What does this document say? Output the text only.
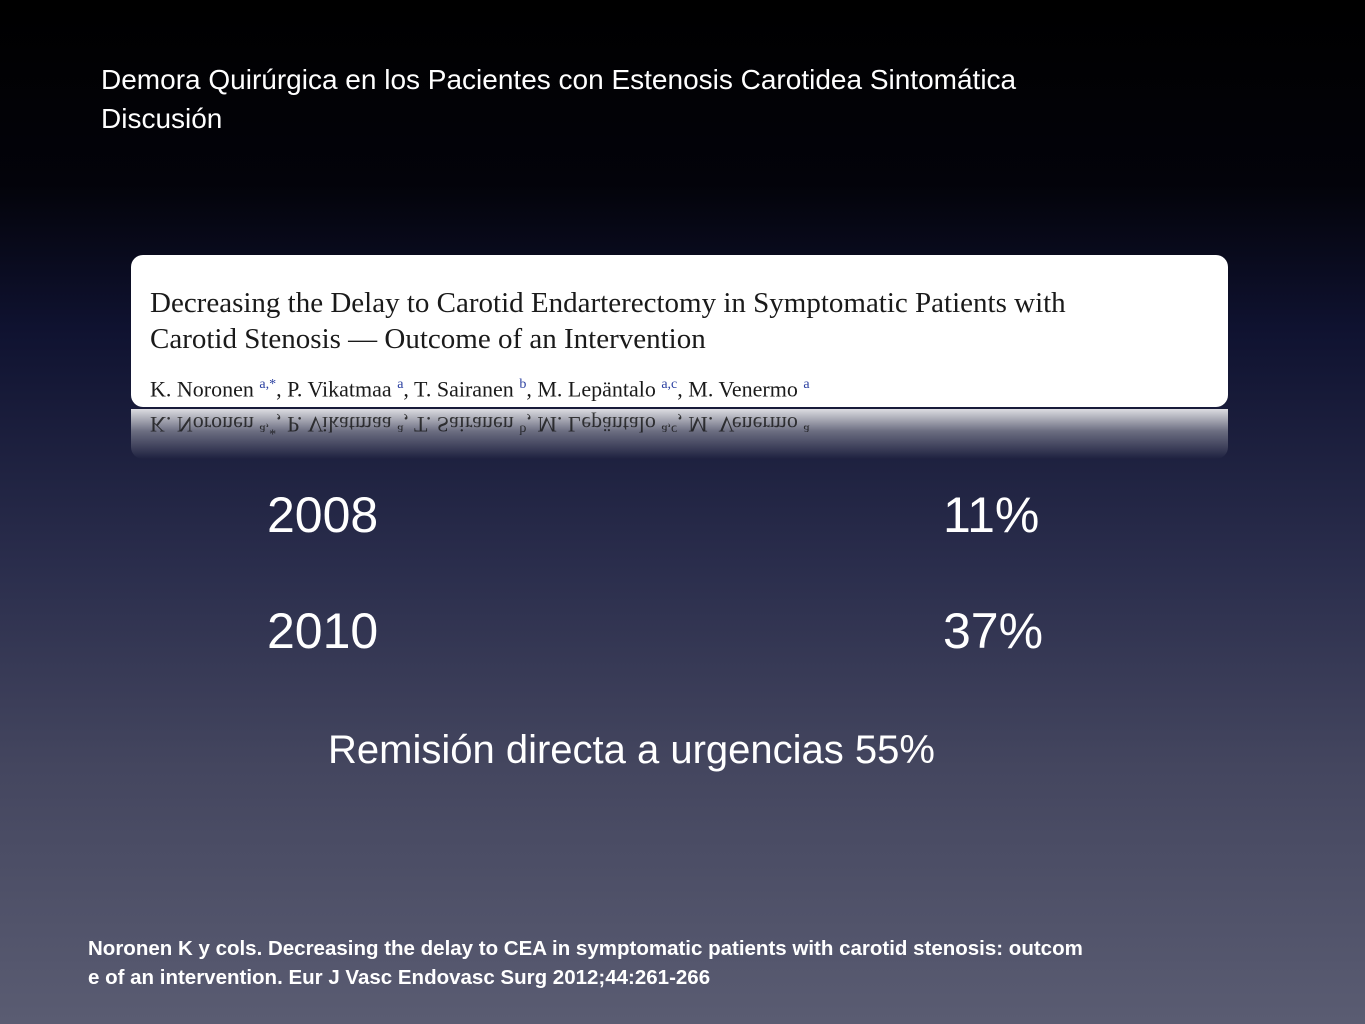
Demora Quirúrgica en los Pacientes con Estenosis Carotidea Sintomática
Discusión
Decreasing the Delay to Carotid Endarterectomy in Symptomatic Patients with
Carotid Stenosis — Outcome of an Intervention
K. Noronen $^{a,*}$, P. Vikatmaa $^a$, T. Sairanen $^b$, M. Lepäntalo $^{a,c}$, M. Venermo $^a$
K. Noronen $^{a,*}$, P. Vikatmaa $^a$, T. Sairanen $^b$, M. Lepäntalo $^{a,c}$, M. Venermo $^a$
2008	11%
2010	37%
Remisión directa a urgencias 55%
Noronen K y cols. Decreasing the delay to CEA in symptomatic patients with carotid stenosis: outcom
e of an intervention. Eur J Vasc Endovasc Surg 2012;44:261-266
